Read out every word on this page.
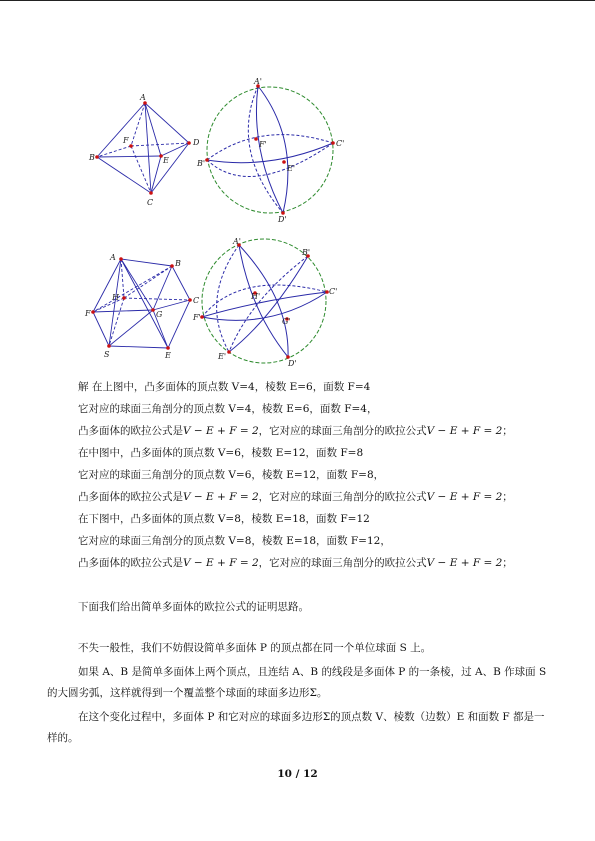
A
D
B
F
E
C
A'
C'
B'
F'
E'
D'
A
B
H	C
F	G
S	E
A'
B'
H'
C'
F'	G'
E'
D'
解 在上图中，凸多面体的顶点数 V=4，棱数 E=6，面数 F=4
它对应的球面三角剖分的顶点数 V=4，棱数 E=6，面数 F=4，
凸多面体的欧拉公式是V − E + F = 2，它对应的球面三角剖分的欧拉公式V − E + F = 2；
在中图中，凸多面体的顶点数 V=6，棱数 E=12，面数 F=8
它对应的球面三角剖分的顶点数 V=6，棱数 E=12，面数 F=8，
凸多面体的欧拉公式是V − E + F = 2，它对应的球面三角剖分的欧拉公式V − E + F = 2；
在下图中，凸多面体的顶点数 V=8，棱数 E=18，面数 F=12
它对应的球面三角剖分的顶点数 V=8，棱数 E=18，面数 F=12，
凸多面体的欧拉公式是V − E + F = 2，它对应的球面三角剖分的欧拉公式V − E + F = 2；
下面我们给出简单多面体的欧拉公式的证明思路。
不失一般性，我们不妨假设简单多面体 P 的顶点都在同一个单位球面 S 上。
如果 A、B 是简单多面体上两个顶点，且连结 A、B 的线段是多面体 P 的一条棱，过 A、B 作球面 S 的大圆劣弧，这样就得到一个覆盖整个球面的球面多边形Σ。
在这个变化过程中，多面体 P 和它对应的球面多边形Σ的顶点数 V、棱数（边数）E 和面数 F 都是一样的。
10 / 12
